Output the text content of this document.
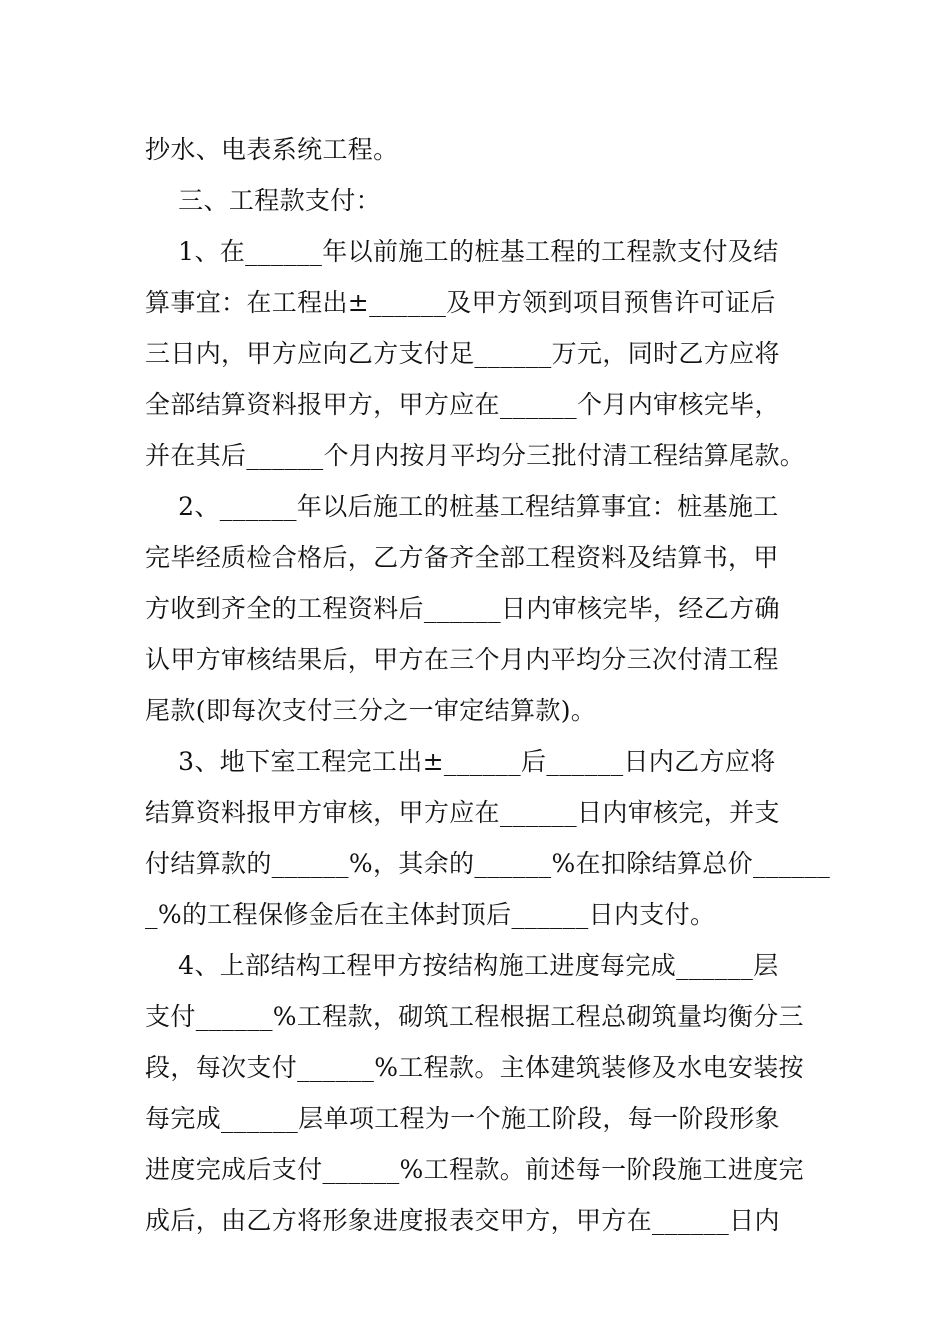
抄水、电表系统工程。
三、工程款支付：
1、在______年以前施工的桩基工程的工程款支付及结
算事宜：在工程出±______及甲方领到项目预售许可证后
三日内，甲方应向乙方支付足______万元，同时乙方应将
全部结算资料报甲方，甲方应在______个月内审核完毕，
并在其后______个月内按月平均分三批付清工程结算尾款。
2、______年以后施工的桩基工程结算事宜：桩基施工
完毕经质检合格后，乙方备齐全部工程资料及结算书，甲
方收到齐全的工程资料后______日内审核完毕，经乙方确
认甲方审核结果后，甲方在三个月内平均分三次付清工程
尾款(即每次支付三分之一审定结算款)。
3、地下室工程完工出±______后______日内乙方应将
结算资料报甲方审核，甲方应在______日内审核完，并支
付结算款的______%，其余的______%在扣除结算总价______
_%的工程保修金后在主体封顶后______日内支付。
4、上部结构工程甲方按结构施工进度每完成______层
支付______%工程款，砌筑工程根据工程总砌筑量均衡分三
段，每次支付______%工程款。主体建筑装修及水电安装按
每完成______层单项工程为一个施工阶段，每一阶段形象
进度完成后支付______%工程款。前述每一阶段施工进度完
成后，由乙方将形象进度报表交甲方，甲方在______日内
